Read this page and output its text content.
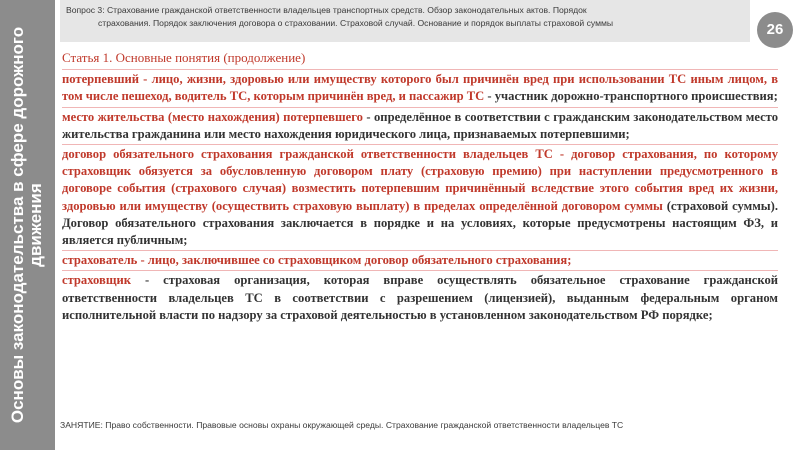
Основы законодательства в сфере дорожного движения
Вопрос 3: Страхование гражданской ответственности владельцев транспортных средств. Обзор законодательных актов. Порядок
страхования. Порядок заключения договора о страховании. Страховой случай. Основание и порядок выплаты страховой суммы	26

Статья 1. Основные понятия (продолжение)

потерпевший - лицо, жизни, здоровью или имуществу которого был причинён вред при использовании ТС иным лицом, в том числе пешеход, водитель ТС, которым причинён вред, и пассажир ТС - участник дорожно-транспортного происшествия;

место жительства (место нахождения) потерпевшего - определённое в соответствии с гражданским законодательством место жительства гражданина или место нахождения юридического лица, признаваемых потерпевшими;

договор обязательного страхования гражданской ответственности владельцев ТС - договор страхования, по которому страховщик обязуется за обусловленную договором плату (страховую премию) при наступлении предусмотренного в договоре события (страхового случая) возместить потерпевшим причинённый вследствие этого события вред их жизни, здоровью или имуществу (осуществить страховую выплату) в пределах определённой договором суммы (страховой суммы). Договор обязательного страхования заключается в порядке и на условиях, которые предусмотрены настоящим ФЗ, и является публичным;

страхователь - лицо, заключившее со страховщиком договор обязательного страхования;

страховщик - страховая организация, которая вправе осуществлять обязательное страхование гражданской ответственности владельцев ТС в соответствии с разрешением (лицензией), выданным федеральным органом исполнительной власти по надзору за страховой деятельностью в установленном законодательством РФ порядке;

ЗАНЯТИЕ: Право собственности. Правовые основы охраны окружающей среды. Страхование гражданской ответственности владельцев ТС
